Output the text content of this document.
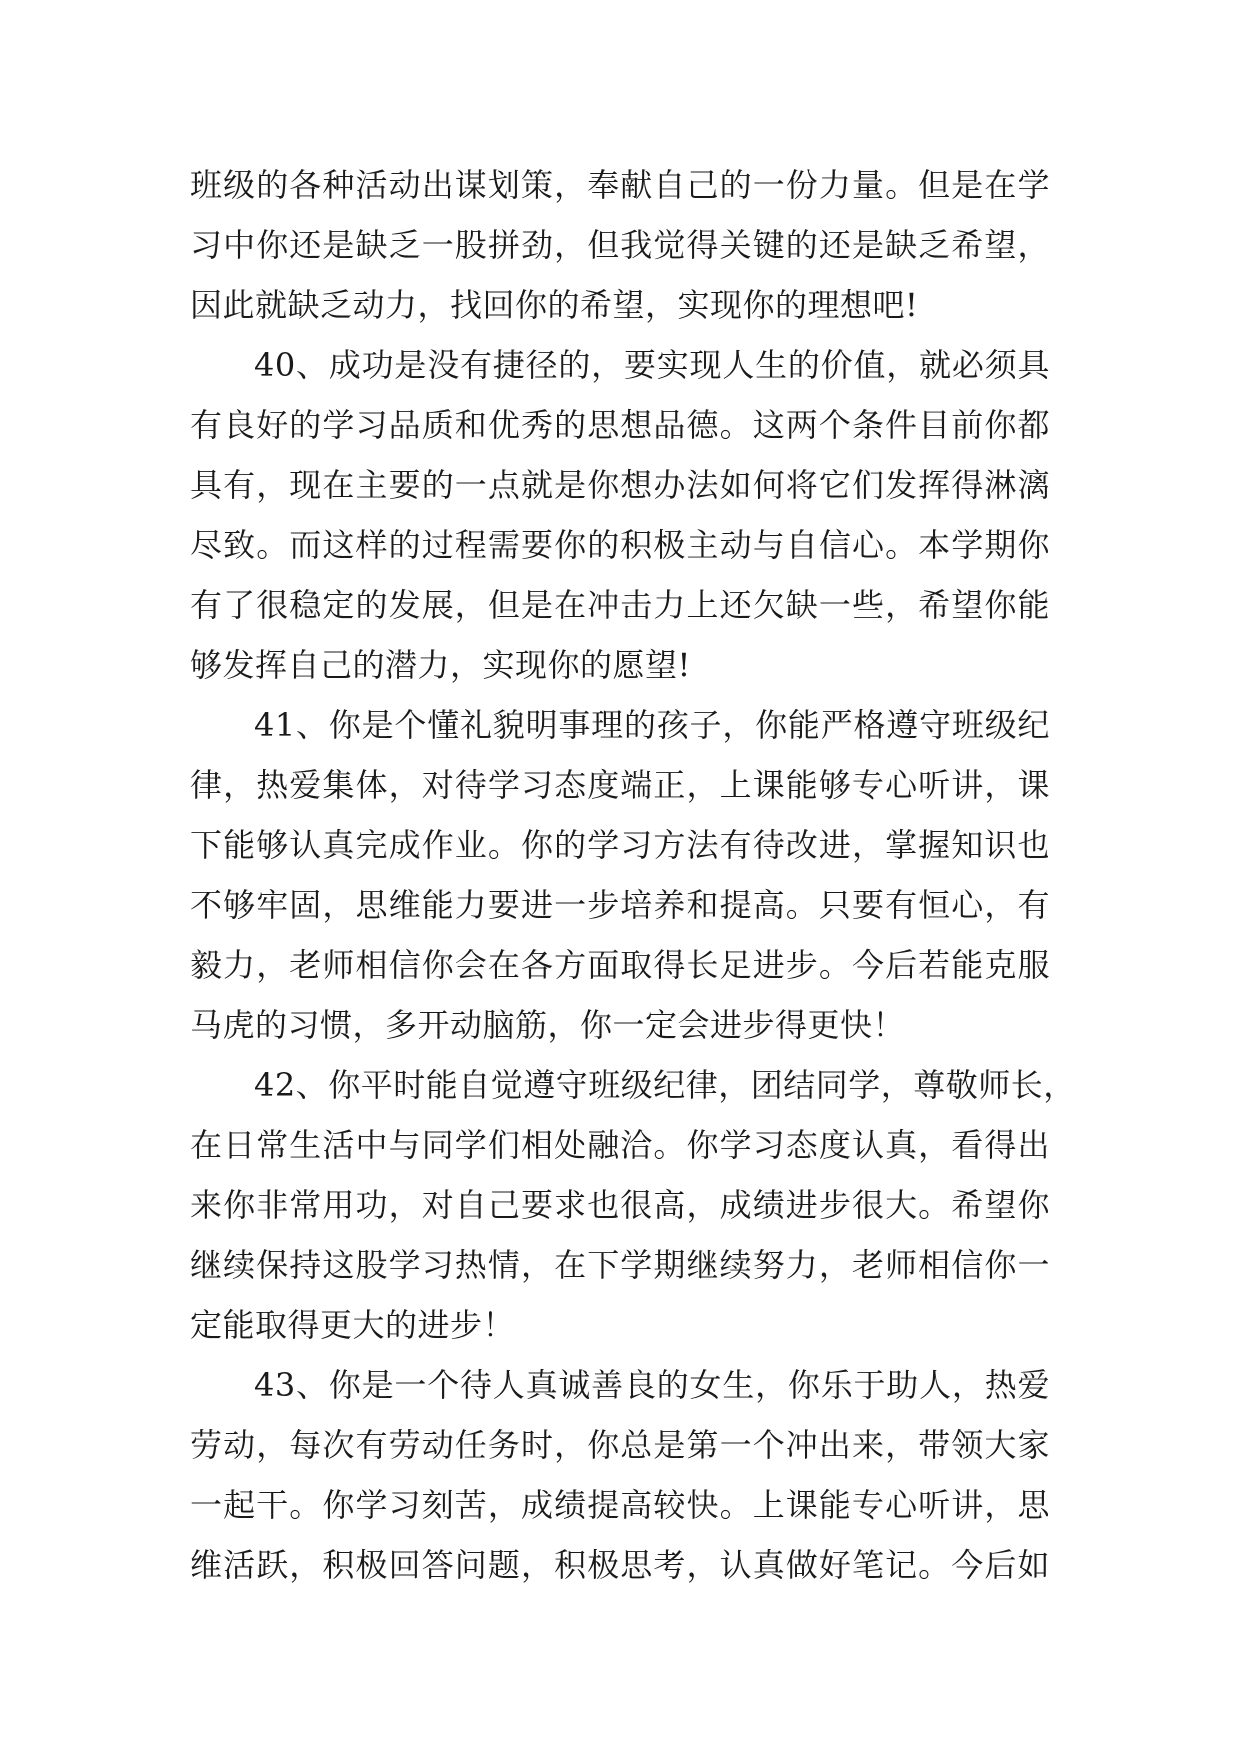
班级的各种活动出谋划策，奉献自己的一份力量。但是在学
习中你还是缺乏一股拼劲，但我觉得关键的还是缺乏希望，
因此就缺乏动力，找回你的希望，实现你的理想吧!
40、成功是没有捷径的，要实现人生的价值，就必须具
有良好的学习品质和优秀的思想品德。这两个条件目前你都
具有，现在主要的一点就是你想办法如何将它们发挥得淋漓
尽致。而这样的过程需要你的积极主动与自信心。本学期你
有了很稳定的发展，但是在冲击力上还欠缺一些，希望你能
够发挥自己的潜力，实现你的愿望!
41、你是个懂礼貌明事理的孩子，你能严格遵守班级纪
律，热爱集体，对待学习态度端正，上课能够专心听讲，课
下能够认真完成作业。你的学习方法有待改进，掌握知识也
不够牢固，思维能力要进一步培养和提高。只要有恒心，有
毅力，老师相信你会在各方面取得长足进步。今后若能克服
马虎的习惯，多开动脑筋，你一定会进步得更快！
42、你平时能自觉遵守班级纪律，团结同学，尊敬师长，
在日常生活中与同学们相处融洽。你学习态度认真，看得出
来你非常用功，对自己要求也很高，成绩进步很大。希望你
继续保持这股学习热情，在下学期继续努力，老师相信你一
定能取得更大的进步！
43、你是一个待人真诚善良的女生，你乐于助人，热爱
劳动，每次有劳动任务时，你总是第一个冲出来，带领大家
一起干。你学习刻苦，成绩提高较快。上课能专心听讲，思
维活跃，积极回答问题，积极思考，认真做好笔记。今后如
